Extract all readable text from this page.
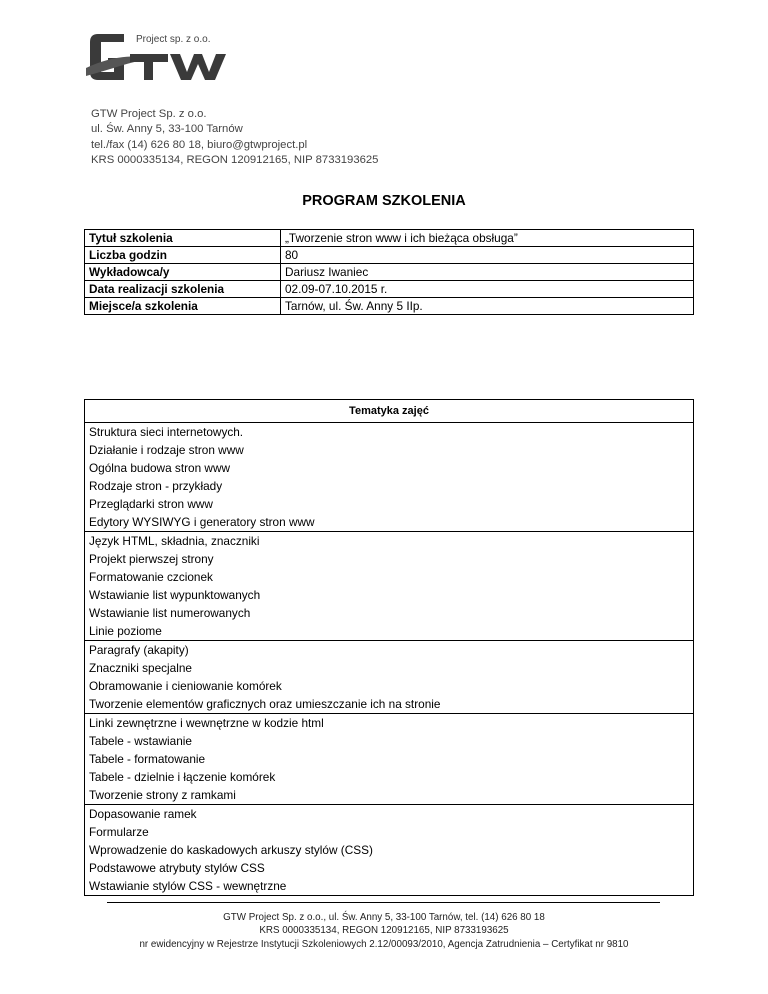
Project sp. z o.o.
GTW Project Sp. z o.o.
ul. Św. Anny 5, 33-100 Tarnów
tel./fax (14) 626 80 18, biuro@gtwproject.pl
KRS 0000335134, REGON 120912165, NIP 8733193625
PROGRAM SZKOLENIA
Tytuł szkolenia	„Tworzenie stron www i ich bieżąca obsługa”
Liczba godzin	80
Wykładowca/y	Dariusz Iwaniec
Data realizacji szkolenia	02.09-07.10.2015 r.
Miejsce/a szkolenia	Tarnów, ul. Św. Anny 5 IIp.
Tematyka zajęć

Struktura sieci internetowych.
Działanie i rodzaje stron www
Ogólna budowa stron www
Rodzaje stron - przykłady
Przeglądarki stron www
Edytory WYSIWYG i generatory stron www

Język HTML, składnia, znaczniki
Projekt pierwszej strony
Formatowanie czcionek
Wstawianie list wypunktowanych
Wstawianie list numerowanych
Linie poziome

Paragrafy (akapity)
Znaczniki specjalne
Obramowanie i cieniowanie komórek
Tworzenie elementów graficznych oraz umieszczanie ich na stronie

Linki zewnętrzne i wewnętrzne w kodzie html
Tabele - wstawianie
Tabele - formatowanie
Tabele - dzielnie i łączenie komórek
Tworzenie strony z ramkami

Dopasowanie ramek
Formularze
Wprowadzenie do kaskadowych arkuszy stylów (CSS)
Podstawowe atrybuty stylów CSS
Wstawianie stylów CSS - wewnętrzne
GTW Project Sp. z o.o., ul. Św. Anny 5, 33-100 Tarnów, tel. (14) 626 80 18
KRS 0000335134, REGON 120912165, NIP 8733193625
nr ewidencyjny w Rejestrze Instytucji Szkoleniowych 2.12/00093/2010, Agencja Zatrudnienia – Certyfikat nr 9810
